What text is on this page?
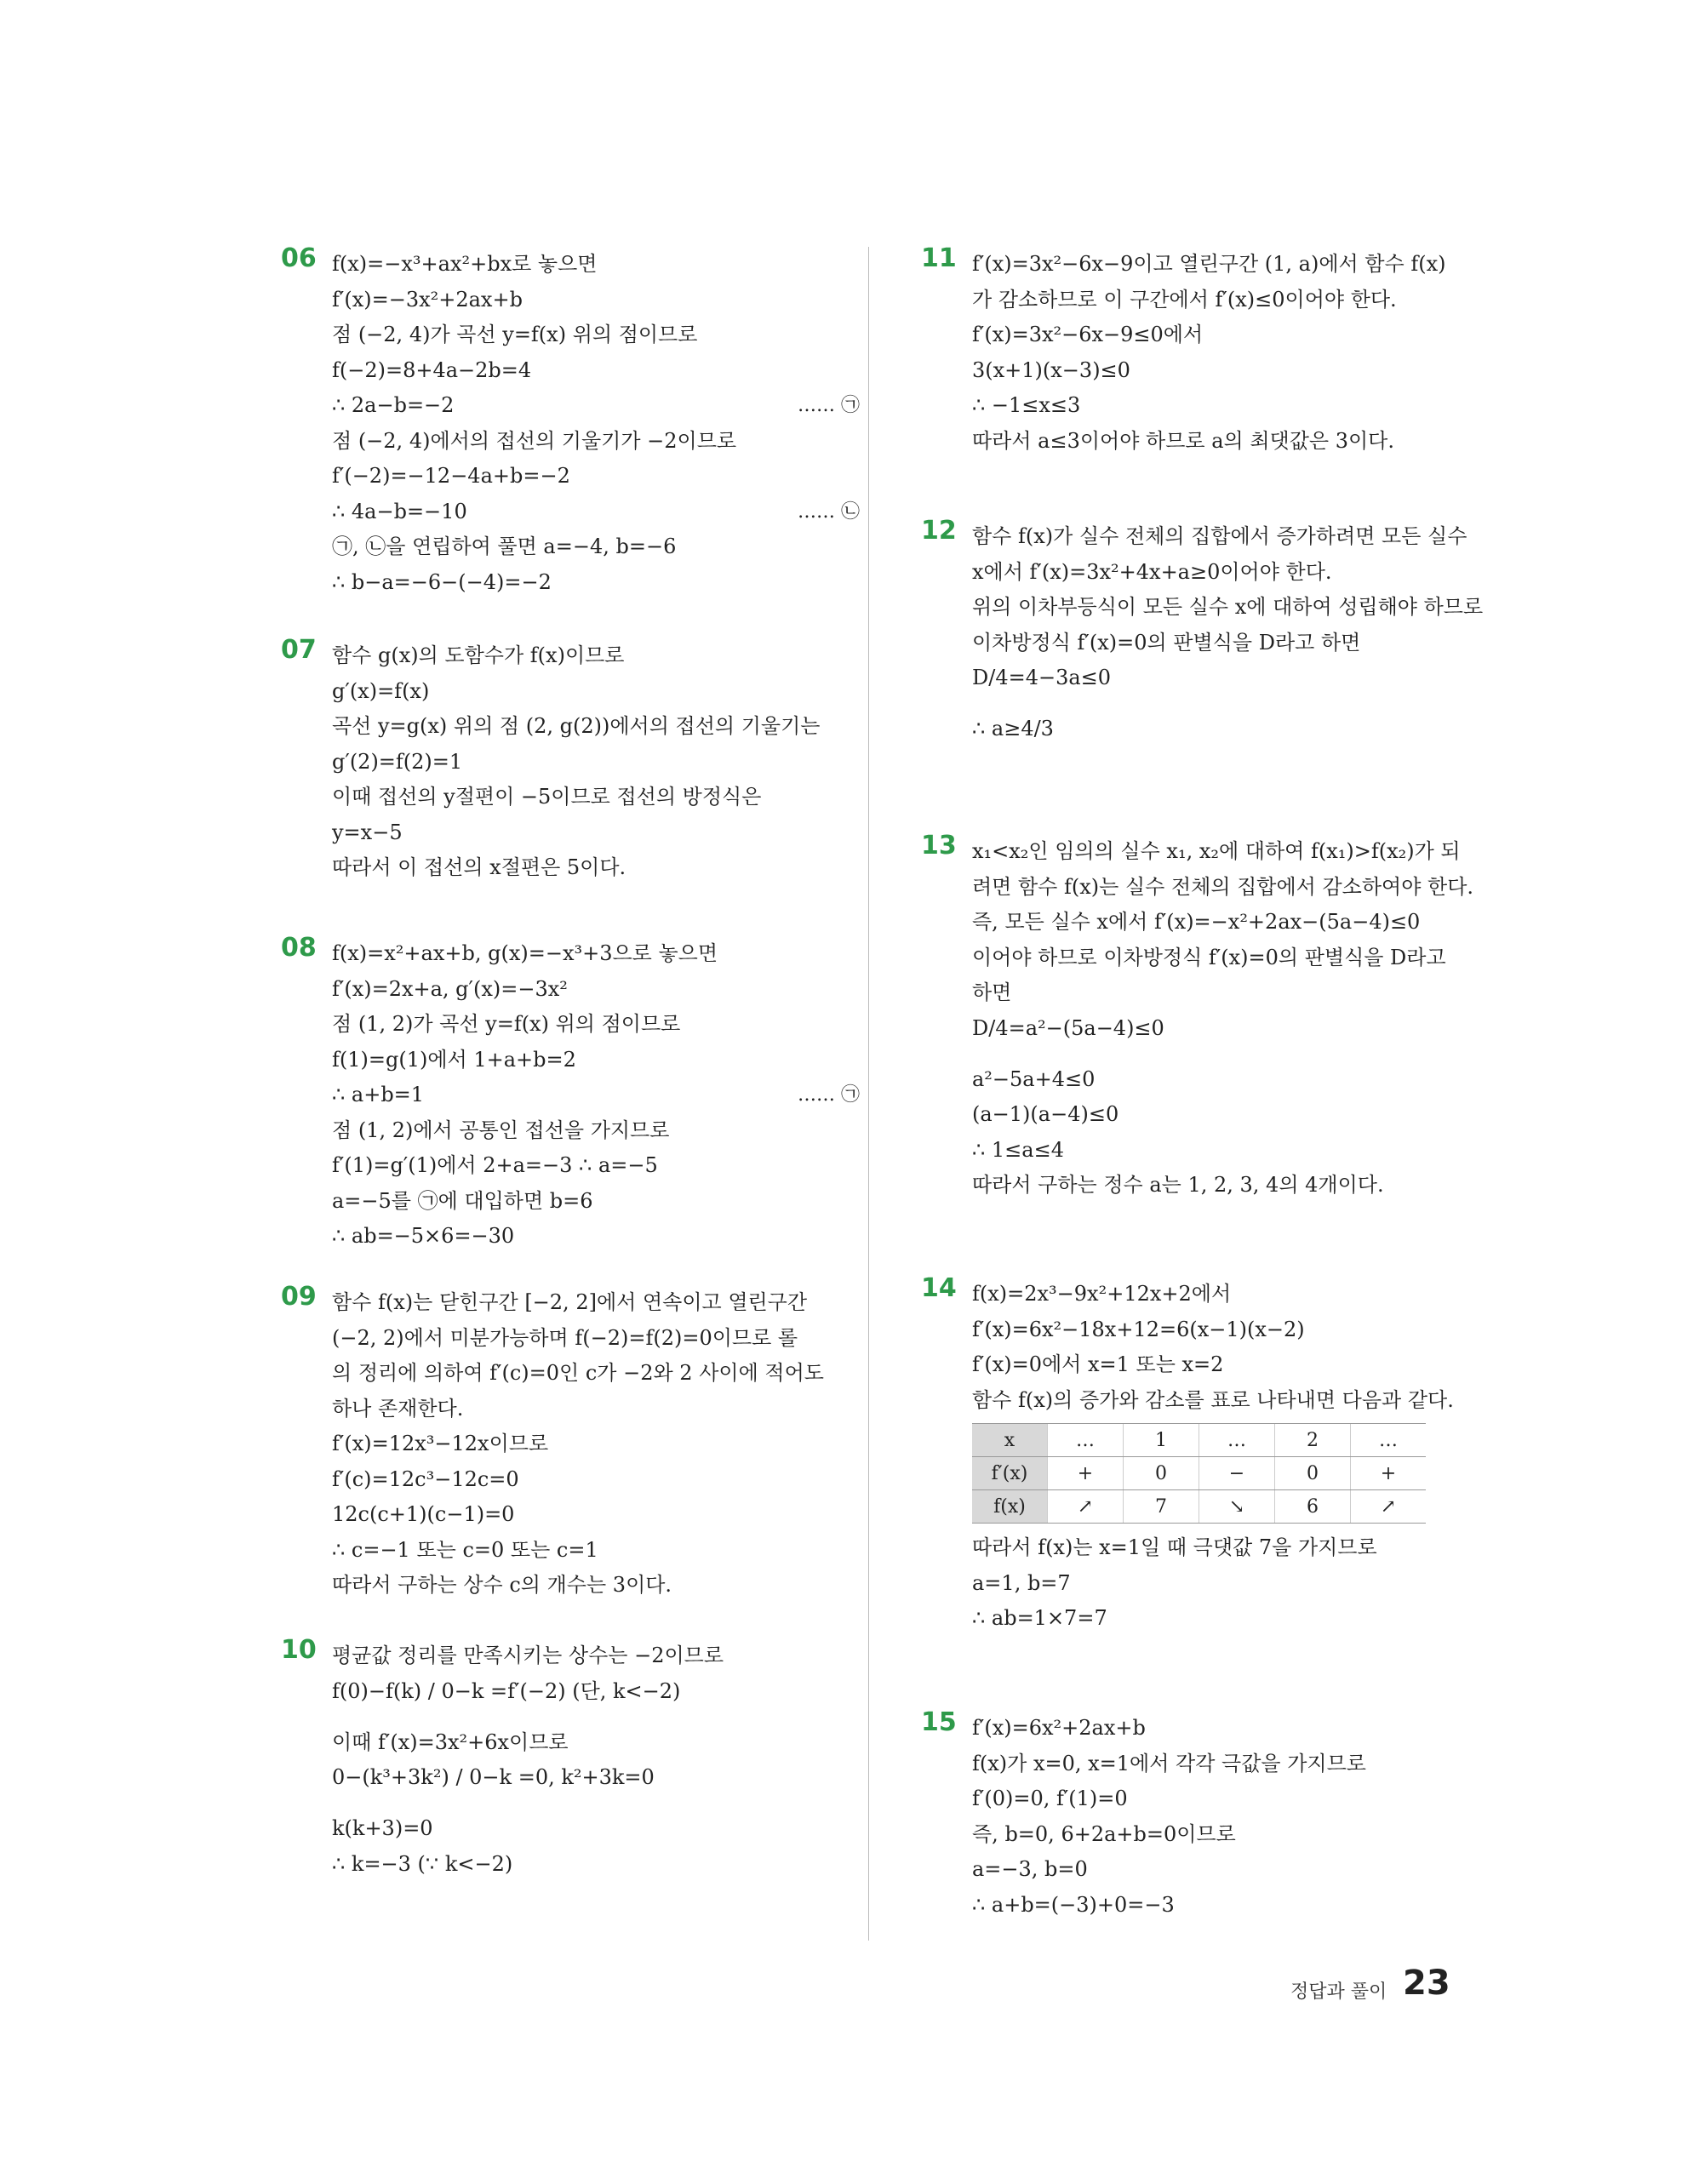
06 f(x)=−x³+ax²+bx로 놓으면
f′(x)=−3x²+2ax+b
점 (−2, 4)가 곡선 y=f(x) 위의 점이므로
f(−2)=8+4a−2b=4
∴ 2a−b=−2	…… ㉠
점 (−2, 4)에서의 접선의 기울기가 −2이므로
f′(−2)=−12−4a+b=−2
∴ 4a−b=−10	…… ㉡
㉠, ㉡을 연립하여 풀면 a=−4, b=−6
∴ b−a=−6−(−4)=−2
07 함수 g(x)의 도함수가 f(x)이므로
g′(x)=f(x)
곡선 y=g(x) 위의 점 (2, g(2))에서의 접선의 기울기는
g′(2)=f(2)=1
이때 접선의 y절편이 −5이므로 접선의 방정식은
y=x−5
따라서 이 접선의 x절편은 5이다.
08 f(x)=x²+ax+b, g(x)=−x³+3으로 놓으면
f′(x)=2x+a, g′(x)=−3x²
점 (1, 2)가 곡선 y=f(x) 위의 점이므로
f(1)=g(1)에서 1+a+b=2
∴ a+b=1	…… ㉠
점 (1, 2)에서 공통인 접선을 가지므로
f′(1)=g′(1)에서 2+a=−3 ∴ a=−5
a=−5를 ㉠에 대입하면 b=6
∴ ab=−5×6=−30
09 함수 f(x)는 닫힌구간 [−2, 2]에서 연속이고 열린구간
(−2, 2)에서 미분가능하며 f(−2)=f(2)=0이므로 롤
의 정리에 의하여 f′(c)=0인 c가 −2와 2 사이에 적어도
하나 존재한다.
f′(x)=12x³−12x이므로
f′(c)=12c³−12c=0
12c(c+1)(c−1)=0
∴ c=−1 또는 c=0 또는 c=1
따라서 구하는 상수 c의 개수는 3이다.
10 평균값 정리를 만족시키는 상수는 −2이므로
f(0)−f(k) / 0−k =f′(−2) (단, k<−2)
이때 f′(x)=3x²+6x이므로
0−(k³+3k²) / 0−k =0, k²+3k=0
k(k+3)=0
∴ k=−3 (∵ k<−2)
11 f′(x)=3x²−6x−9이고 열린구간 (1, a)에서 함수 f(x)
가 감소하므로 이 구간에서 f′(x)≤0이어야 한다.
f′(x)=3x²−6x−9≤0에서
3(x+1)(x−3)≤0
∴ −1≤x≤3
따라서 a≤3이어야 하므로 a의 최댓값은 3이다.
12 함수 f(x)가 실수 전체의 집합에서 증가하려면 모든 실수
x에서 f′(x)=3x²+4x+a≥0이어야 한다.
위의 이차부등식이 모든 실수 x에 대하여 성립해야 하므로
이차방정식 f′(x)=0의 판별식을 D라고 하면
D/4=4−3a≤0
∴ a≥4/3
13 x₁<x₂인 임의의 실수 x₁, x₂에 대하여 f(x₁)>f(x₂)가 되
려면 함수 f(x)는 실수 전체의 집합에서 감소하여야 한다.
즉, 모든 실수 x에서 f′(x)=−x²+2ax−(5a−4)≤0
이어야 하므로 이차방정식 f′(x)=0의 판별식을 D라고
하면
D/4=a²−(5a−4)≤0
a²−5a+4≤0
(a−1)(a−4)≤0
∴ 1≤a≤4
따라서 구하는 정수 a는 1, 2, 3, 4의 4개이다.
14 f(x)=2x³−9x²+12x+2에서
f′(x)=6x²−18x+12=6(x−1)(x−2)
f′(x)=0에서 x=1 또는 x=2
함수 f(x)의 증가와 감소를 표로 나타내면 다음과 같다.
x	…	1	…	2	…
f′(x)	+	0	−	0	+
f(x)	↗	7	↘	6	↗
따라서 f(x)는 x=1일 때 극댓값 7을 가지므로
a=1, b=7
∴ ab=1×7=7
15 f′(x)=6x²+2ax+b
f(x)가 x=0, x=1에서 각각 극값을 가지므로
f′(0)=0, f′(1)=0
즉, b=0, 6+2a+b=0이므로
a=−3, b=0
∴ a+b=(−3)+0=−3
정답과 풀이 23
